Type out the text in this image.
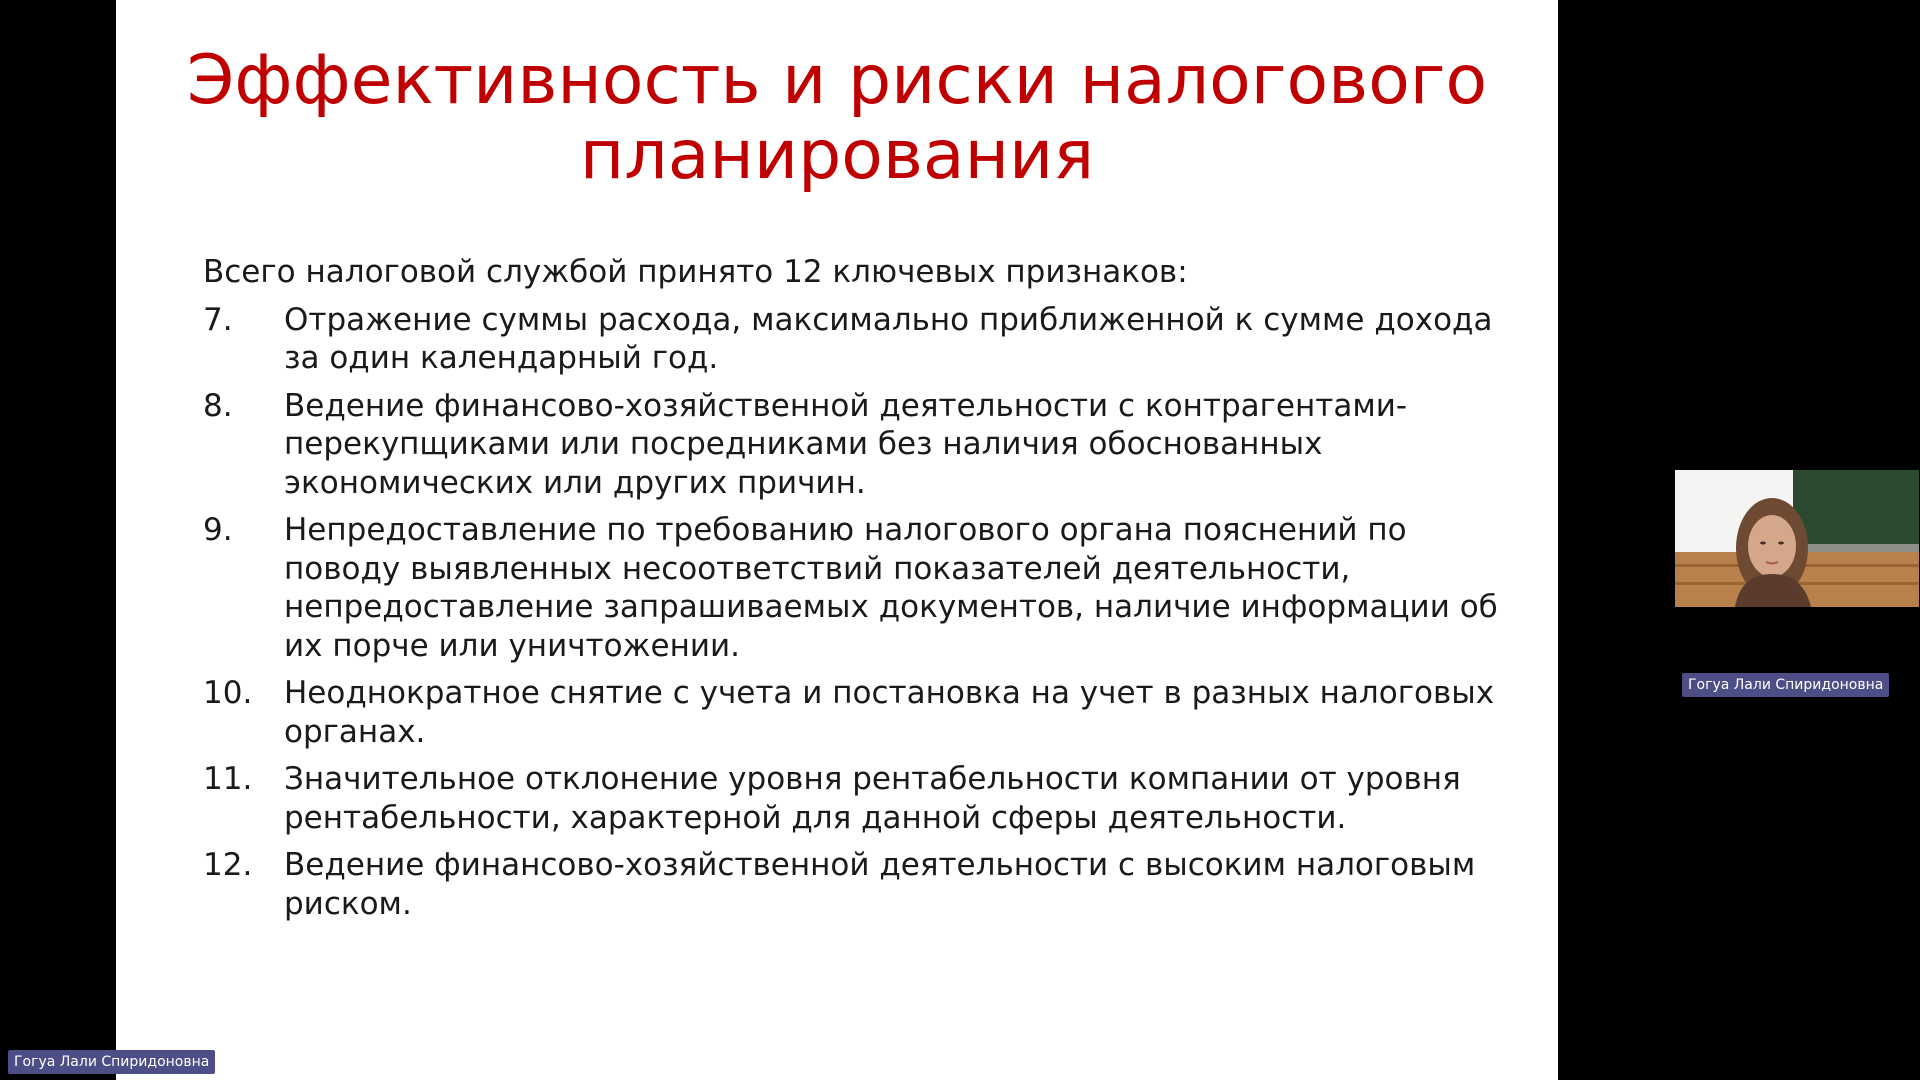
Эффективность и риски налогового
планирования

Всего налоговой службой принято 12 ключевых признаков:

7.	Отражение суммы расхода, максимально приближенной к сумме дохода за один календарный год.
8.	Ведение финансово-хозяйственной деятельности с контрагентами-перекупщиками или посредниками без наличия обоснованных экономических или других причин.
9.	Непредоставление по требованию налогового органа пояснений по поводу выявленных несоответствий показателей деятельности, непредоставление запрашиваемых документов, наличие информации об их порче или уничтожении.
10.	Неоднократное снятие с учета и постановка на учет в разных налоговых органах.
11.	Значительное отклонение уровня рентабельности компании от уровня рентабельности, характерной для данной сферы деятельности.
12.	Ведение финансово-хозяйственной деятельности с высоким налоговым риском.
Гогуа Лали Спиридоновна
Гогуа Лали Спиридоновна
